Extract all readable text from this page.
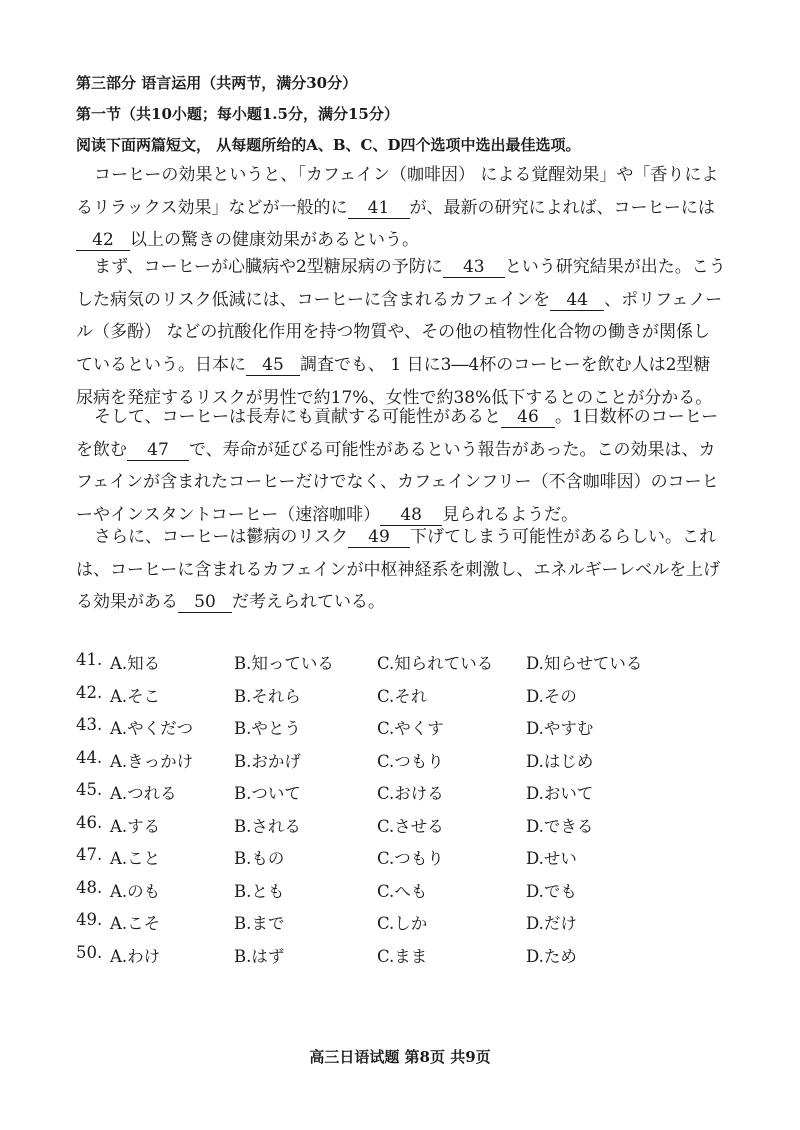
第三部分 语言运用（共两节，满分30分）
第一节（共10小题；每小题1.5分，满分15分）
阅读下面两篇短文， 从每题所给的A、B、C、D四个选项中选出最佳选项。
コーヒーの効果というと、「カフェイン（咖啡因） による覚醒効果」や「香りによるリラックス効果」などが一般的に 41 が、最新の研究によれば、コーヒーには42 以上の驚きの健康効果があるという。
まず、コーヒーが心臓病や2型糖尿病の予防に 43 という研究結果が出た。こうした病気のリスク低減には、コーヒーに含まれるカフェインを 44 、ポリフェノール（多酚） などの抗酸化作用を持つ物質や、その他の植物性化合物の働きが関係しているという。日本に 45 調査でも、 1 日に3―4杯のコーヒーを飲む人は2型糖尿病を発症するリスクが男性で約17%、女性で約38%低下するとのことが分かる。
そして、コーヒーは長寿にも貢献する可能性があると 46 。1日数杯のコーヒーを飲む 47 で、寿命が延びる可能性があるという報告があった。この効果は、カフェインが含まれたコーヒーだけでなく、カフェインフリー（不含咖啡因）のコーヒーやインスタントコーヒー（速溶咖啡） 48 見られるようだ。
さらに、コーヒーは鬱病のリスク 49 下げてしまう可能性があるらしい。これは、コーヒーに含まれるカフェインが中枢神経系を刺激し、エネルギーレベルを上げる効果がある 50 だ考えられている。
41. A.知る	B.知っている	C.知られている D.知らせている
42. A.そこ	B.それら	C.それ	D.その
43. A.やくだつ B.やとう	C.やくす	D.やすむ
44. A.きっかけ B.おかげ	C.つもり	D.はじめ
45. A.つれる	B.ついて	C.おける	D.おいて
46. A.する	B.される	C.させる	D.できる
47. A.こと	B.もの	C.つもり	D.せい
48. A.のも	B.とも	C.へも	D.でも
49. A.こそ	B.まで	C.しか	D.だけ
50. A.わけ	B.はず	C.まま	D.ため
高三日语试题 第8页 共9页
